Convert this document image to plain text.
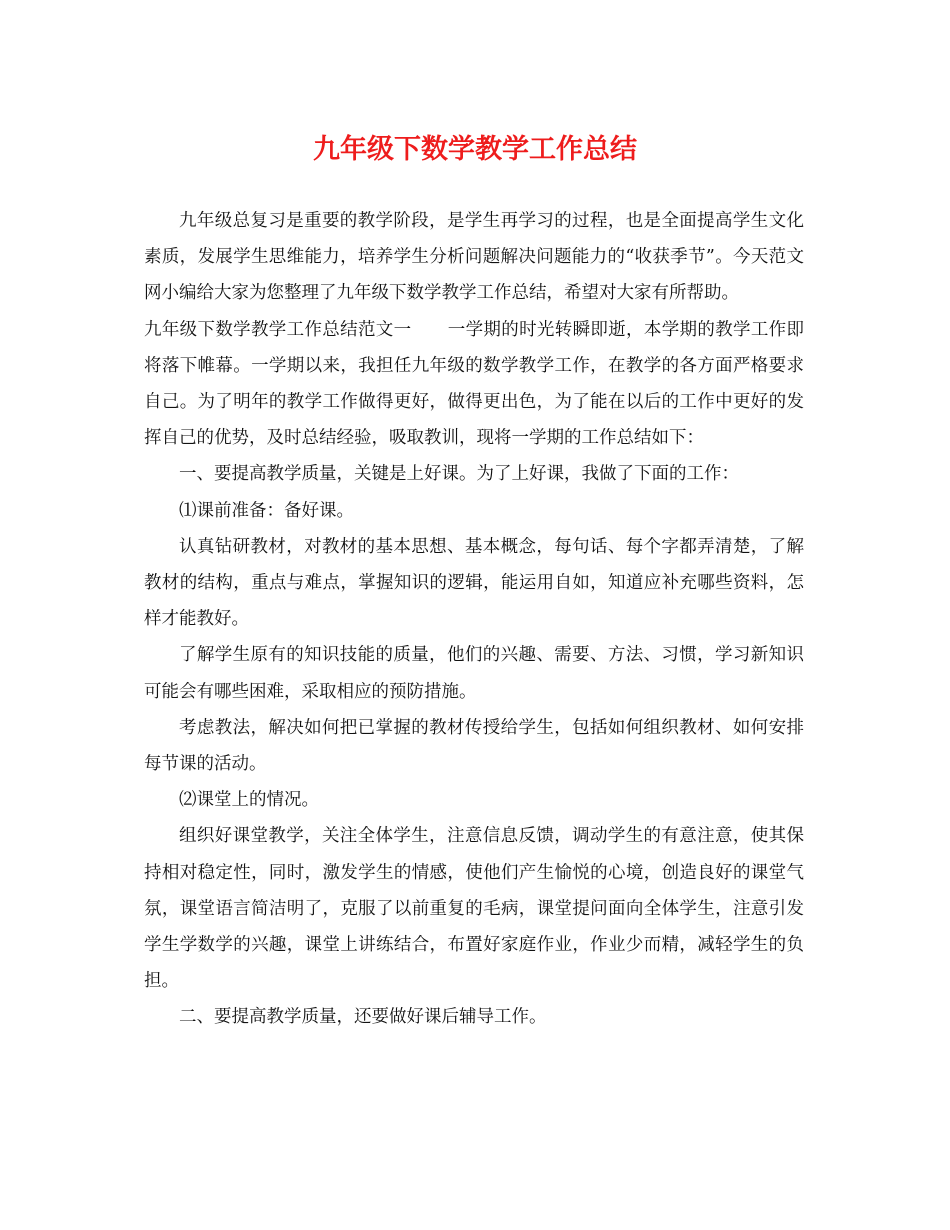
九年级下数学教学工作总结

九年级总复习是重要的教学阶段，是学生再学习的过程，也是全面提高学生文化素质，发展学生思维能力，培养学生分析问题解决问题能力的“收获季节”。今天范文网小编给大家为您整理了九年级下数学教学工作总结，希望对大家有所帮助。

九年级下数学教学工作总结范文一 一学期的时光转瞬即逝，本学期的教学工作即将落下帷幕。一学期以来，我担任九年级的数学教学工作，在教学的各方面严格要求自己。为了明年的教学工作做得更好，做得更出色，为了能在以后的工作中更好的发挥自己的优势，及时总结经验，吸取教训，现将一学期的工作总结如下：

一、要提高教学质量，关键是上好课。为了上好课，我做了下面的工作：

⑴课前准备：备好课。

认真钻研教材，对教材的基本思想、基本概念，每句话、每个字都弄清楚，了解教材的结构，重点与难点，掌握知识的逻辑，能运用自如，知道应补充哪些资料，怎样才能教好。

了解学生原有的知识技能的质量，他们的兴趣、需要、方法、习惯，学习新知识可能会有哪些困难，采取相应的预防措施。

考虑教法，解决如何把已掌握的教材传授给学生，包括如何组织教材、如何安排每节课的活动。

⑵课堂上的情况。

组织好课堂教学，关注全体学生，注意信息反馈，调动学生的有意注意，使其保持相对稳定性，同时，激发学生的情感，使他们产生愉悦的心境，创造良好的课堂气氛，课堂语言简洁明了，克服了以前重复的毛病，课堂提问面向全体学生，注意引发学生学数学的兴趣，课堂上讲练结合，布置好家庭作业，作业少而精，减轻学生的负担。

二、要提高教学质量，还要做好课后辅导工作。
